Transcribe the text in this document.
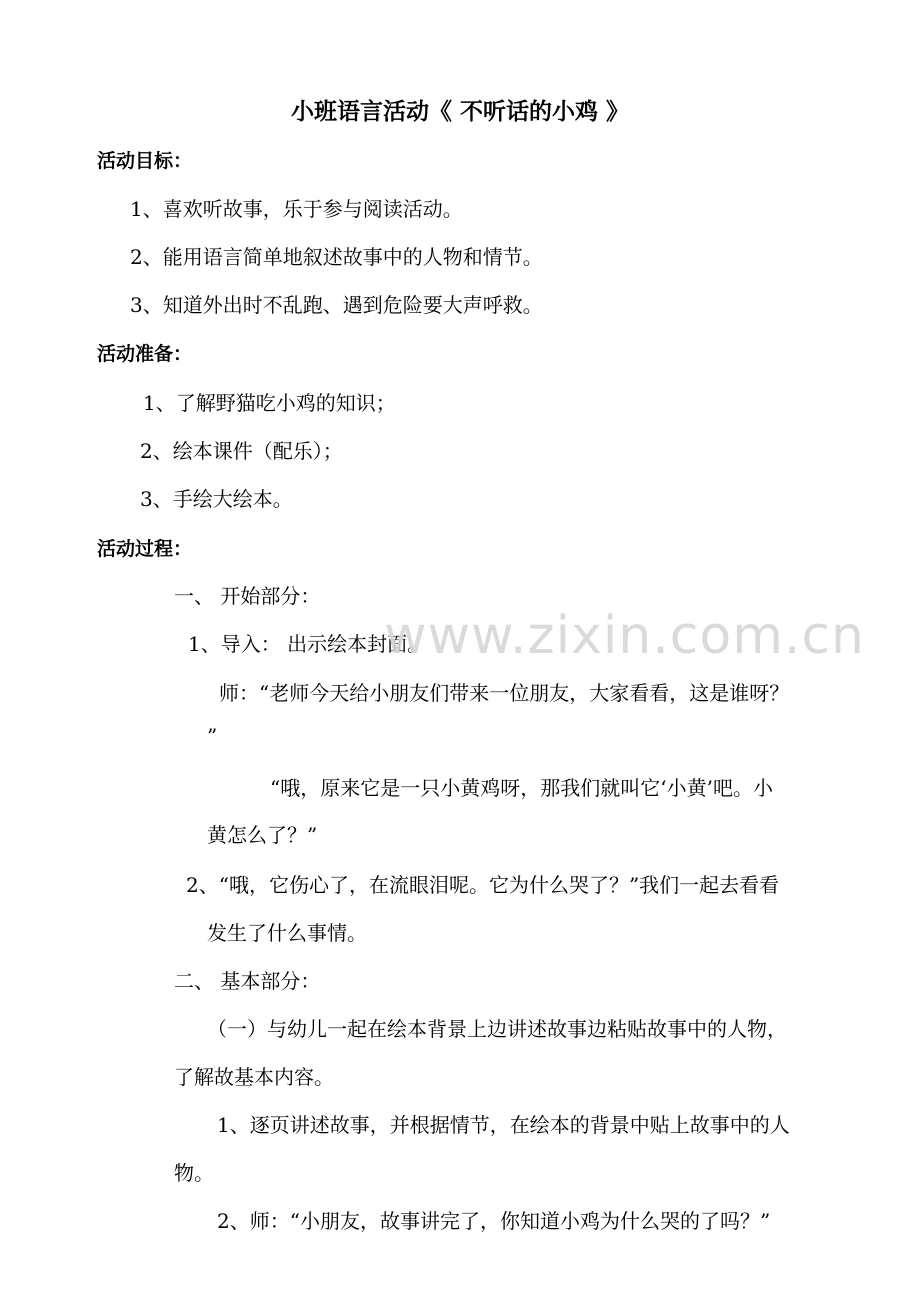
小班语言活动《 不听话的小鸡 》
活动目标：
1、喜欢听故事，乐于参与阅读活动。
2、能用语言简单地叙述故事中的人物和情节。
3、知道外出时不乱跑、遇到危险要大声呼救。
活动准备：
1、了解野猫吃小鸡的知识；
2、绘本课件（配乐）；
3、手绘大绘本。
活动过程：
一、 开始部分：
1、导入： 出示绘本封面。
师：“老师今天给小朋友们带来一位朋友，大家看看，这是谁呀？
”
“哦，原来它是一只小黄鸡呀，那我们就叫它‘小黄’吧。小
黄怎么了？”
2、“哦，它伤心了，在流眼泪呢。它为什么哭了？”我们一起去看看
发生了什么事情。
二、 基本部分：
（一）与幼儿一起在绘本背景上边讲述故事边粘贴故事中的人物，
了解故基本内容。
1、逐页讲述故事，并根据情节，在绘本的背景中贴上故事中的人
物。
2、师：“小朋友，故事讲完了，你知道小鸡为什么哭的了吗？”
www.zixin.com.cn
